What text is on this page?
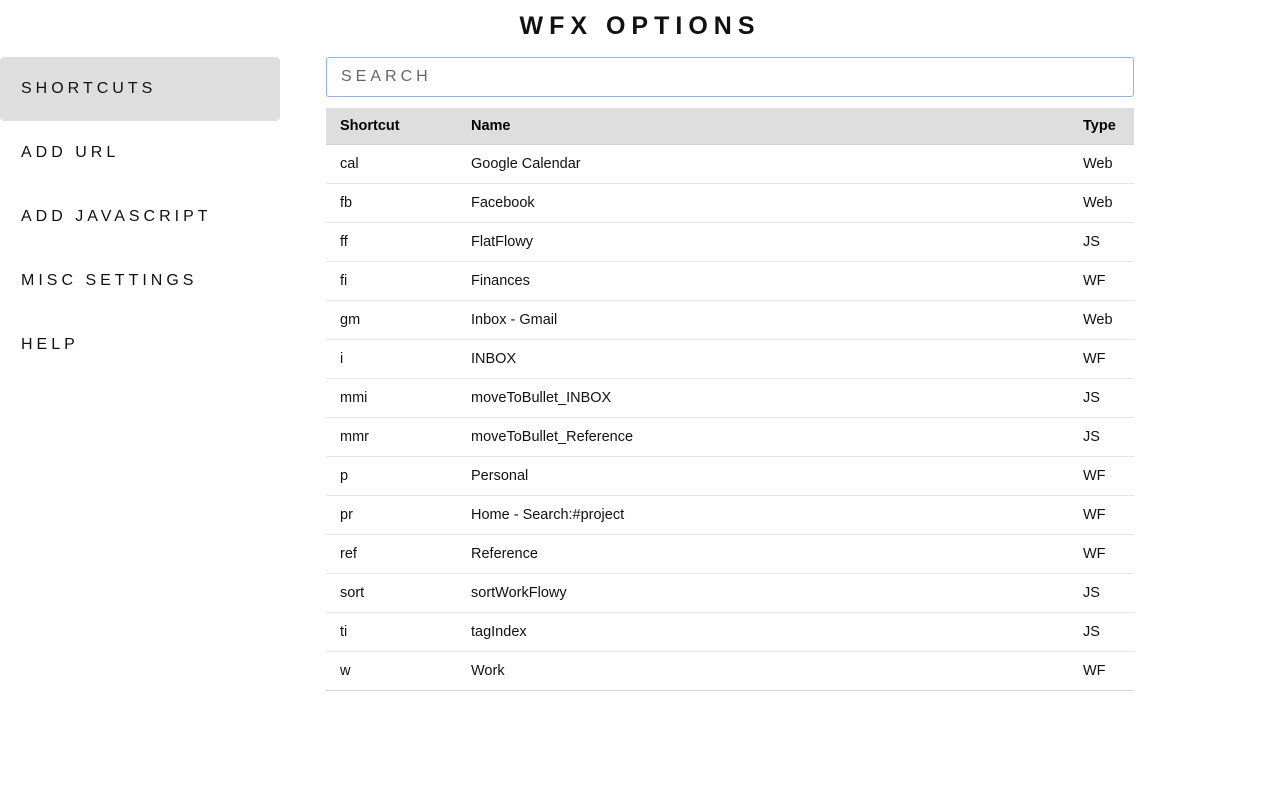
WFX OPTIONS
SHORTCUTS
ADD URL
ADD JAVASCRIPT
MISC SETTINGS
HELP
SEARCH
Shortcut	Name	Type
cal	Google Calendar	Web
fb	Facebook	Web
ff	FlatFlowy	JS
fi	Finances	WF
gm	Inbox - Gmail	Web
i	INBOX	WF
mmi	moveToBullet_INBOX	JS
mmr	moveToBullet_Reference	JS
p	Personal	WF
pr	Home - Search:#project	WF
ref	Reference	WF
sort	sortWorkFlowy	JS
ti	tagIndex	JS
w	Work	WF
